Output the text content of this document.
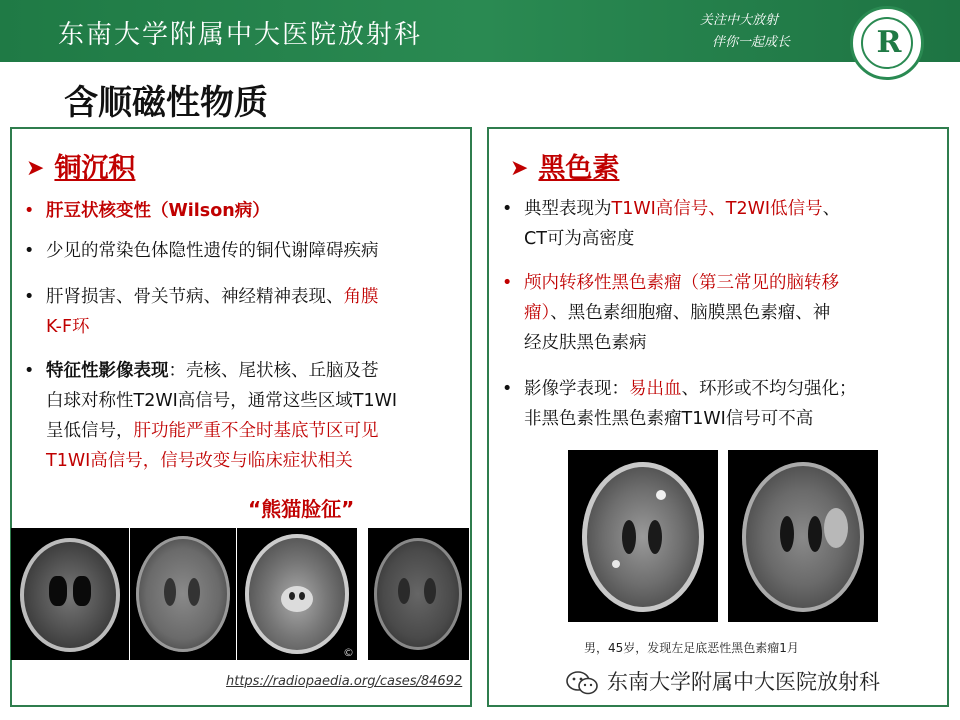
东南大学附属中大医院放射科	关注中大放射
伴你一起成长	R
含顺磁性物质
➤ 铜沉积
• 肝豆状核变性（Wilson病）
• 少见的常染色体隐性遗传的铜代谢障碍疾病
• 肝肾损害、骨关节病、神经精神表现、角膜
K-F环
• 特征性影像表现：壳核、尾状核、丘脑及苍
白球对称性T2WI高信号，通常这些区域T1WI
呈低信号，肝功能严重不全时基底节区可见
T1WI高信号，信号改变与临床症状相关
“熊猫脸征”
©
https://radiopaedia.org/cases/84692
➤ 黑色素
• 典型表现为T1WI高信号、T2WI低信号、
CT可为高密度
• 颅内转移性黑色素瘤（第三常见的脑转移
瘤）、黑色素细胞瘤、脑膜黑色素瘤、神
经皮肤黑色素病
• 影像学表现：易出血、环形或不均匀强化；
非黑色素性黑色素瘤T1WI信号可不高
男，45岁，发现左足底恶性黑色素瘤1月
东南大学附属中大医院放射科
